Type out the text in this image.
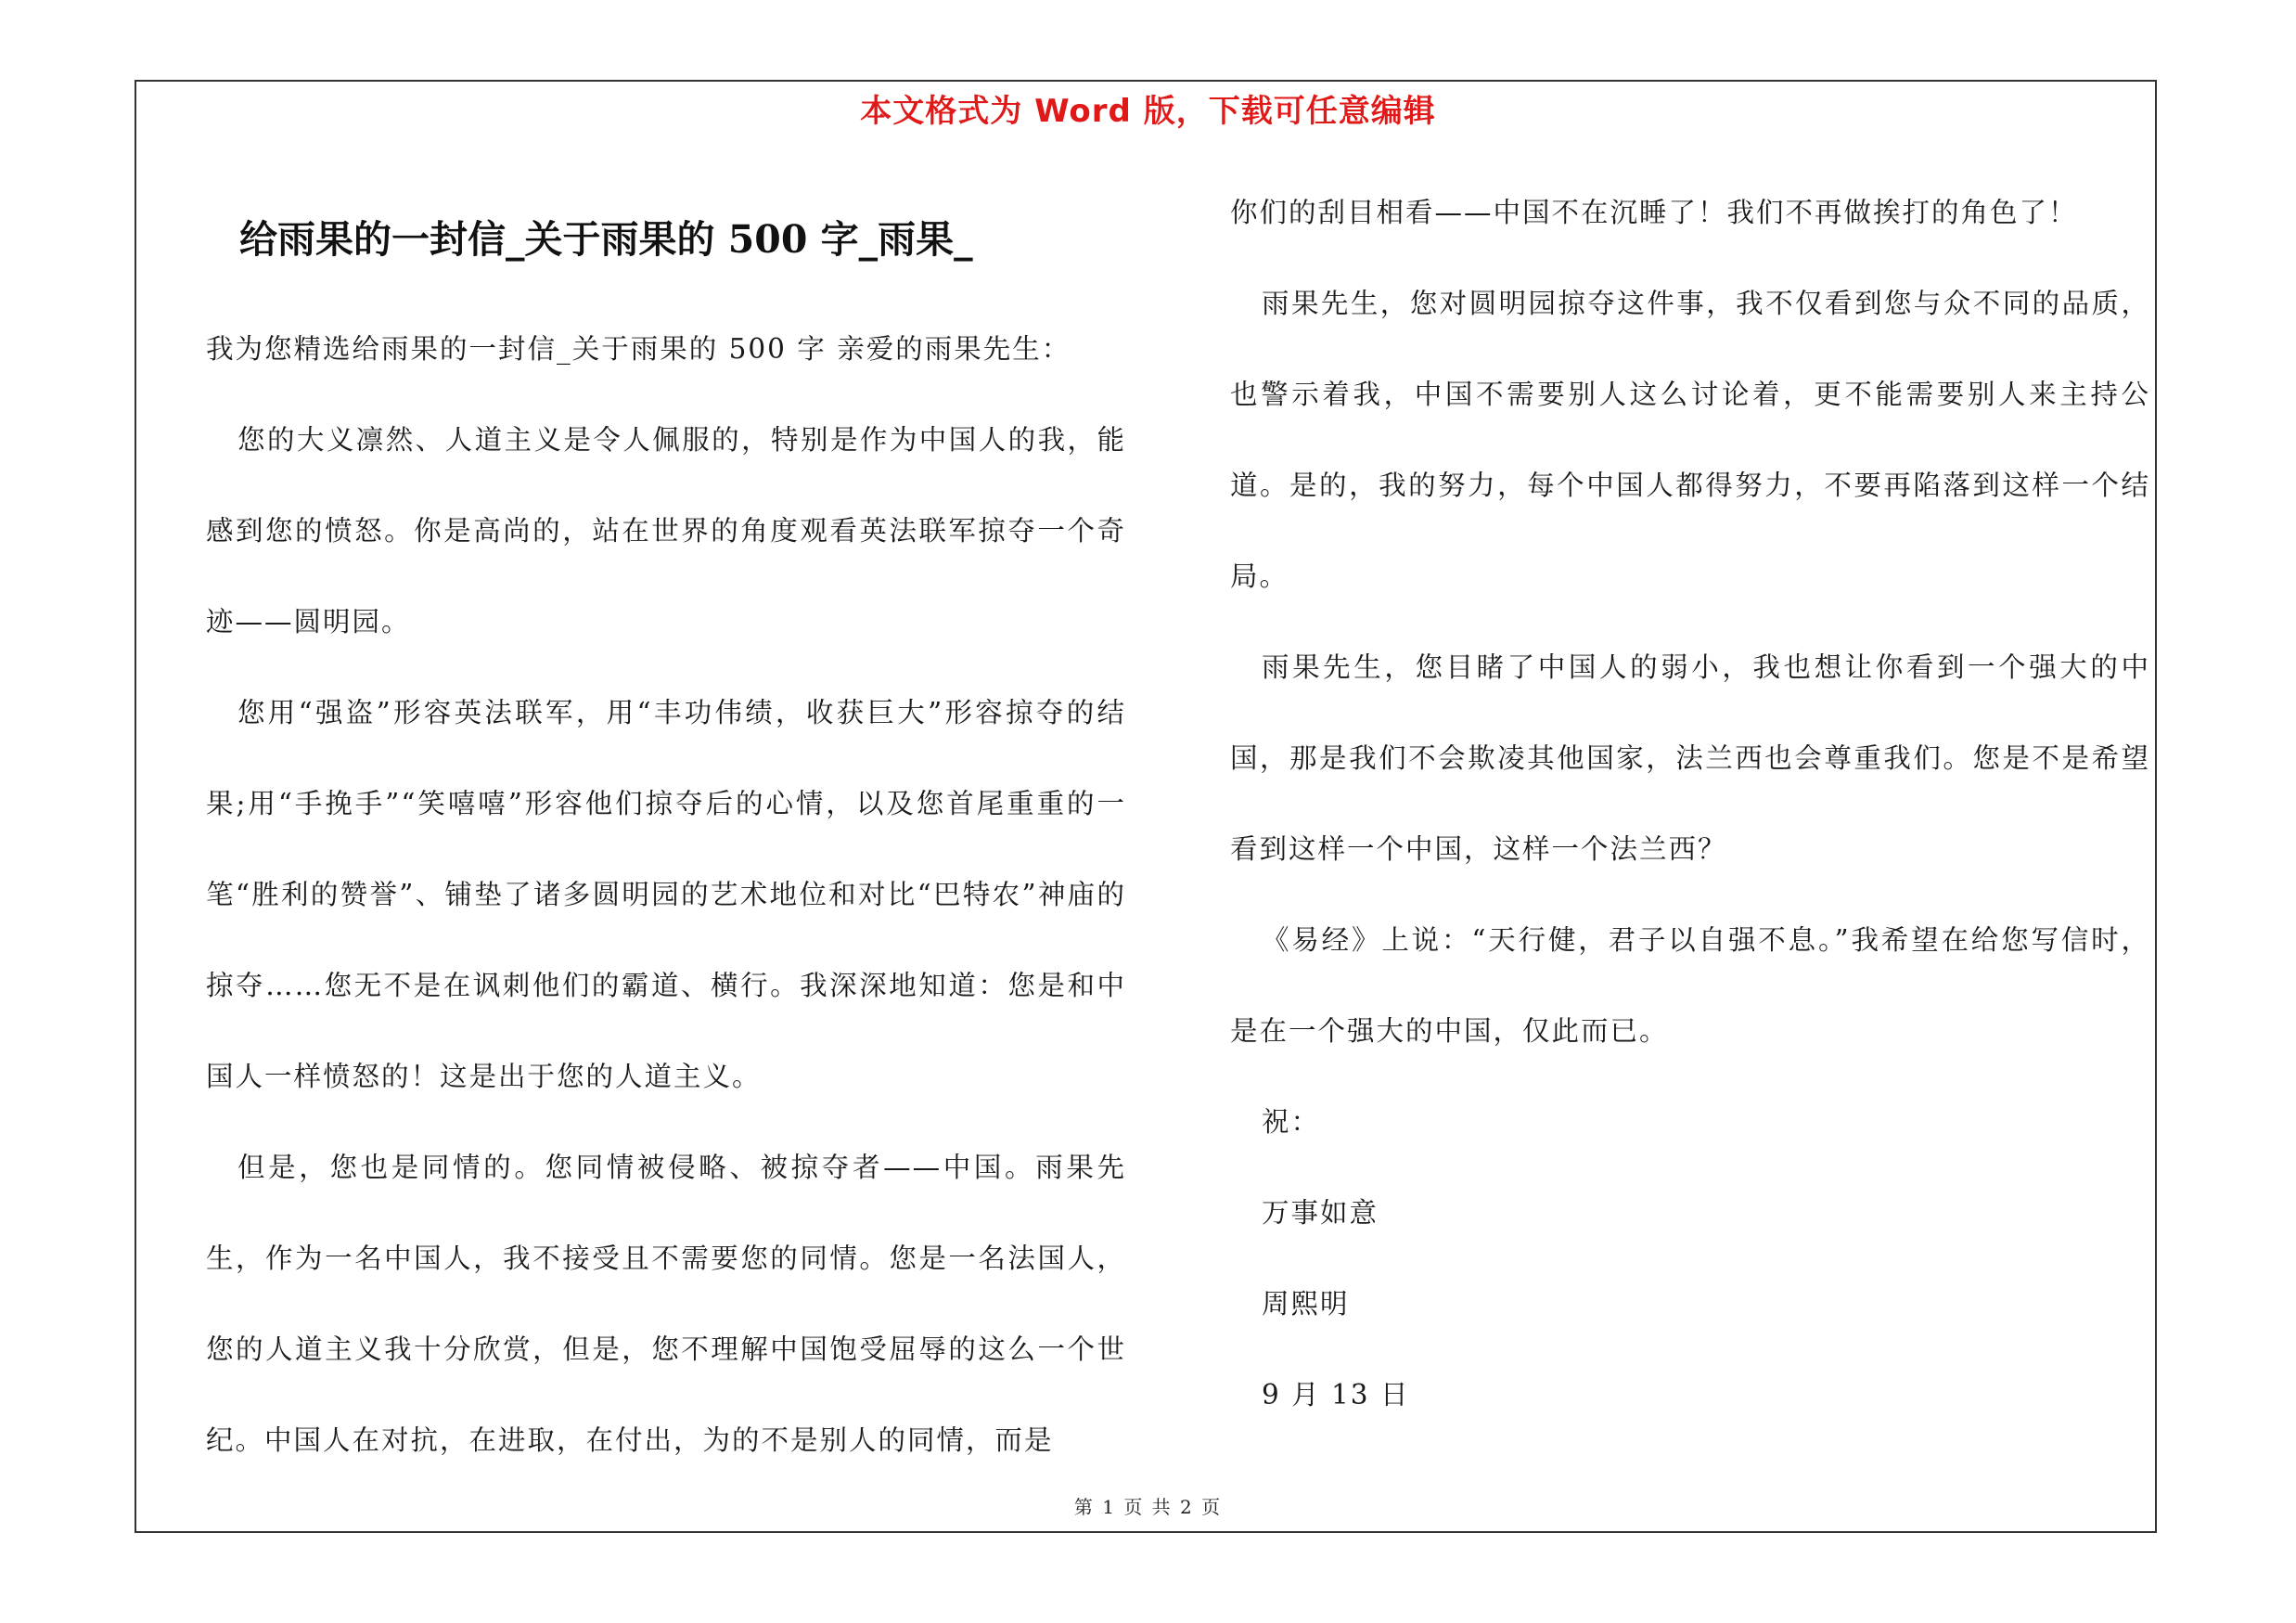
本文格式为 Word 版，下载可任意编辑
给雨果的一封信_关于雨果的 500 字_雨果_

我为您精选给雨果的一封信_关于雨果的 500 字 亲爱的雨果先生：

您的大义凛然、人道主义是令人佩服的，特别是作为中国人的我，能感到您的愤怒。你是高尚的，站在世界的角度观看英法联军掠夺一个奇迹——圆明园。

您用“强盗”形容英法联军，用“丰功伟绩，收获巨大”形容掠夺的结果;用“手挽手”“笑嘻嘻”形容他们掠夺后的心情，以及您首尾重重的一笔“胜利的赞誉”、铺垫了诸多圆明园的艺术地位和对比“巴特农”神庙的掠夺……您无不是在讽刺他们的霸道、横行。我深深地知道：您是和中国人一样愤怒的！这是出于您的人道主义。

但是，您也是同情的。您同情被侵略、被掠夺者——中国。雨果先生，作为一名中国人，我不接受且不需要您的同情。您是一名法国人，您的人道主义我十分欣赏，但是，您不理解中国饱受屈辱的这么一个世纪。中国人在对抗，在进取，在付出，为的不是别人的同情，而是

你们的刮目相看——中国不在沉睡了！我们不再做挨打的角色了！

雨果先生，您对圆明园掠夺这件事，我不仅看到您与众不同的品质，也警示着我，中国不需要别人这么讨论着，更不能需要别人来主持公道。是的，我的努力，每个中国人都得努力，不要再陷落到这样一个结局。

雨果先生，您目睹了中国人的弱小，我也想让你看到一个强大的中国，那是我们不会欺凌其他国家，法兰西也会尊重我们。您是不是希望看到这样一个中国，这样一个法兰西？

《易经》上说：“天行健，君子以自强不息。”我希望在给您写信时，是在一个强大的中国，仅此而已。

祝：

万事如意

周熙明

9 月 13 日

第 1 页 共 2 页
